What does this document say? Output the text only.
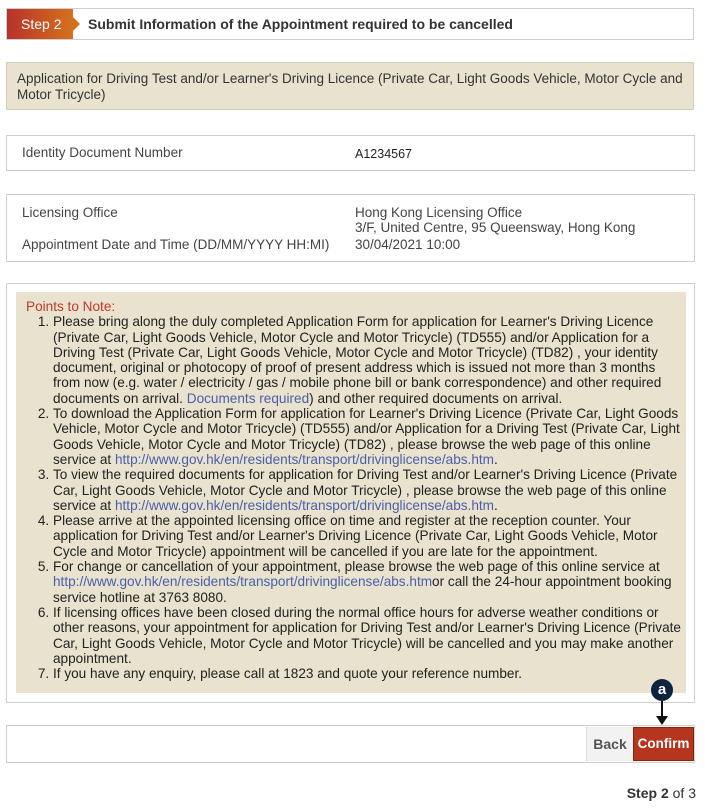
Step 2	Submit Information of the Appointment required to be cancelled
Application for Driving Test and/or Learner's Driving Licence (Private Car, Light Goods Vehicle, Motor Cycle and Motor Tricycle)
Identity Document Number	A1234567
Licensing Office	Hong Kong Licensing Office
3/F, United Centre, 95 Queensway, Hong Kong
Appointment Date and Time (DD/MM/YYYY HH:MI) 30/04/2021 10:00
Points to Note:
1. Please bring along the duly completed Application Form for application for Learner's Driving Licence (Private Car, Light Goods Vehicle, Motor Cycle and Motor Tricycle) (TD555) and/or Application for a Driving Test (Private Car, Light Goods Vehicle, Motor Cycle and Motor Tricycle) (TD82) , your identity document, original or photocopy of proof of present address which is issued not more than 3 months from now (e.g. water / electricity / gas / mobile phone bill or bank correspondence) and other required documents on arrival. Documents required) and other required documents on arrival.
2. To download the Application Form for application for Learner's Driving Licence (Private Car, Light Goods Vehicle, Motor Cycle and Motor Tricycle) (TD555) and/or Application for a Driving Test (Private Car, Light Goods Vehicle, Motor Cycle and Motor Tricycle) (TD82) , please browse the web page of this online service at http://www.gov.hk/en/residents/transport/drivinglicense/abs.htm.
3. To view the required documents for application for Driving Test and/or Learner's Driving Licence (Private Car, Light Goods Vehicle, Motor Cycle and Motor Tricycle) , please browse the web page of this online service at http://www.gov.hk/en/residents/transport/drivinglicense/abs.htm.
4. Please arrive at the appointed licensing office on time and register at the reception counter. Your application for Driving Test and/or Learner's Driving Licence (Private Car, Light Goods Vehicle, Motor Cycle and Motor Tricycle) appointment will be cancelled if you are late for the appointment.
5. For change or cancellation of your appointment, please browse the web page of this online service at http://www.gov.hk/en/residents/transport/drivinglicense/abs.htmor call the 24-hour appointment booking service hotline at 3763 8080.
6. If licensing offices have been closed during the normal office hours for adverse weather conditions or other reasons, your appointment for application for Driving Test and/or Learner's Driving Licence (Private Car, Light Goods Vehicle, Motor Cycle and Motor Tricycle) will be cancelled and you may make another appointment.
7. If you have any enquiry, please call at 1823 and quote your reference number.
a
Back Confirm
Step 2 of 3
